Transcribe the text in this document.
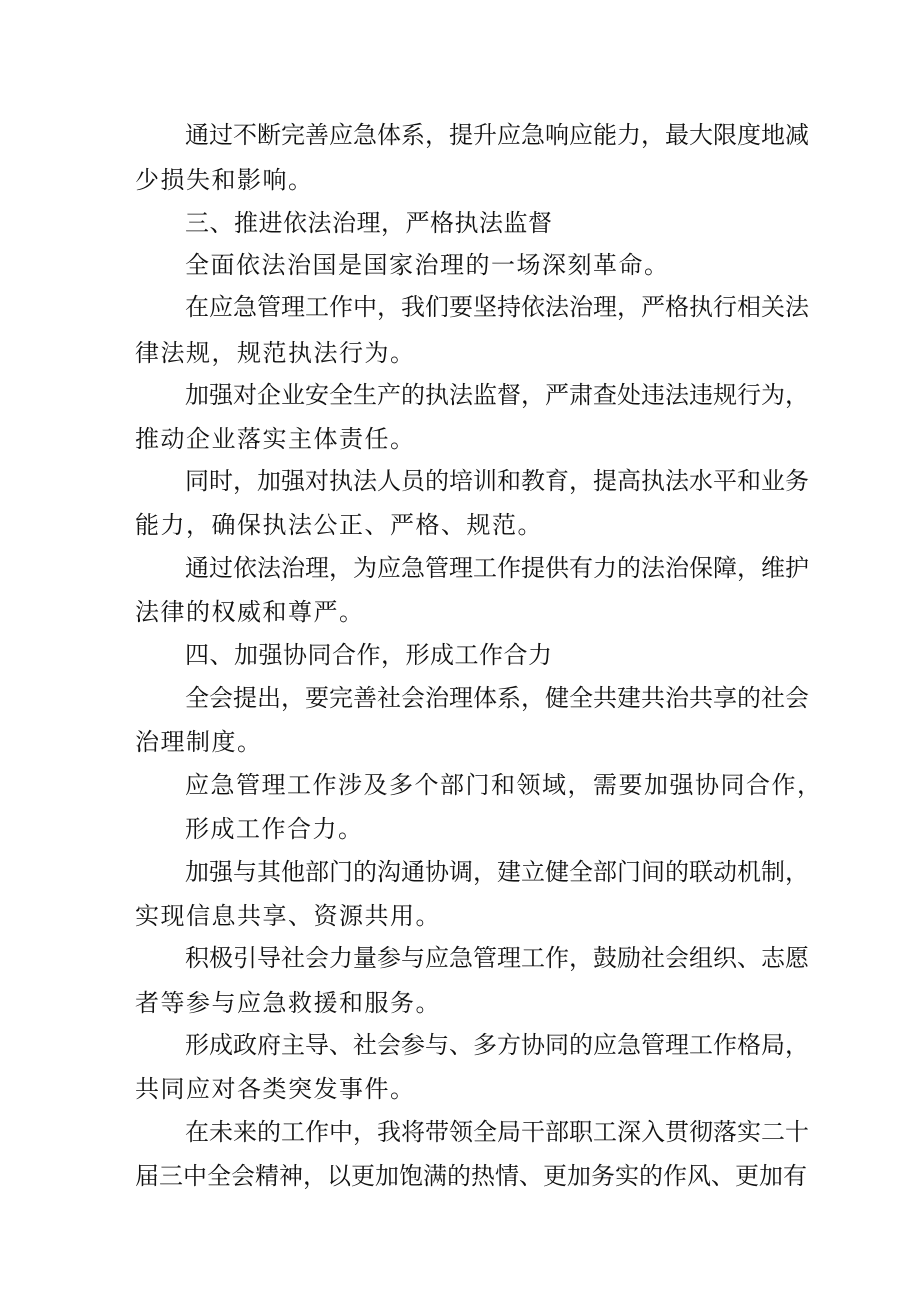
通过不断完善应急体系，提升应急响应能力，最大限度地减
少损失和影响。
三、推进依法治理，严格执法监督
全面依法治国是国家治理的一场深刻革命。
在应急管理工作中，我们要坚持依法治理，严格执行相关法
律法规，规范执法行为。
加强对企业安全生产的执法监督，严肃查处违法违规行为，
推动企业落实主体责任。
同时，加强对执法人员的培训和教育，提高执法水平和业务
能力，确保执法公正、严格、规范。
通过依法治理，为应急管理工作提供有力的法治保障，维护
法律的权威和尊严。
四、加强协同合作，形成工作合力
全会提出，要完善社会治理体系，健全共建共治共享的社会
治理制度。
应急管理工作涉及多个部门和领域，需要加强协同合作，
形成工作合力。
加强与其他部门的沟通协调，建立健全部门间的联动机制，
实现信息共享、资源共用。
积极引导社会力量参与应急管理工作，鼓励社会组织、志愿
者等参与应急救援和服务。
形成政府主导、社会参与、多方协同的应急管理工作格局，
共同应对各类突发事件。
在未来的工作中，我将带领全局干部职工深入贯彻落实二十
届三中全会精神，以更加饱满的热情、更加务实的作风、更加有
